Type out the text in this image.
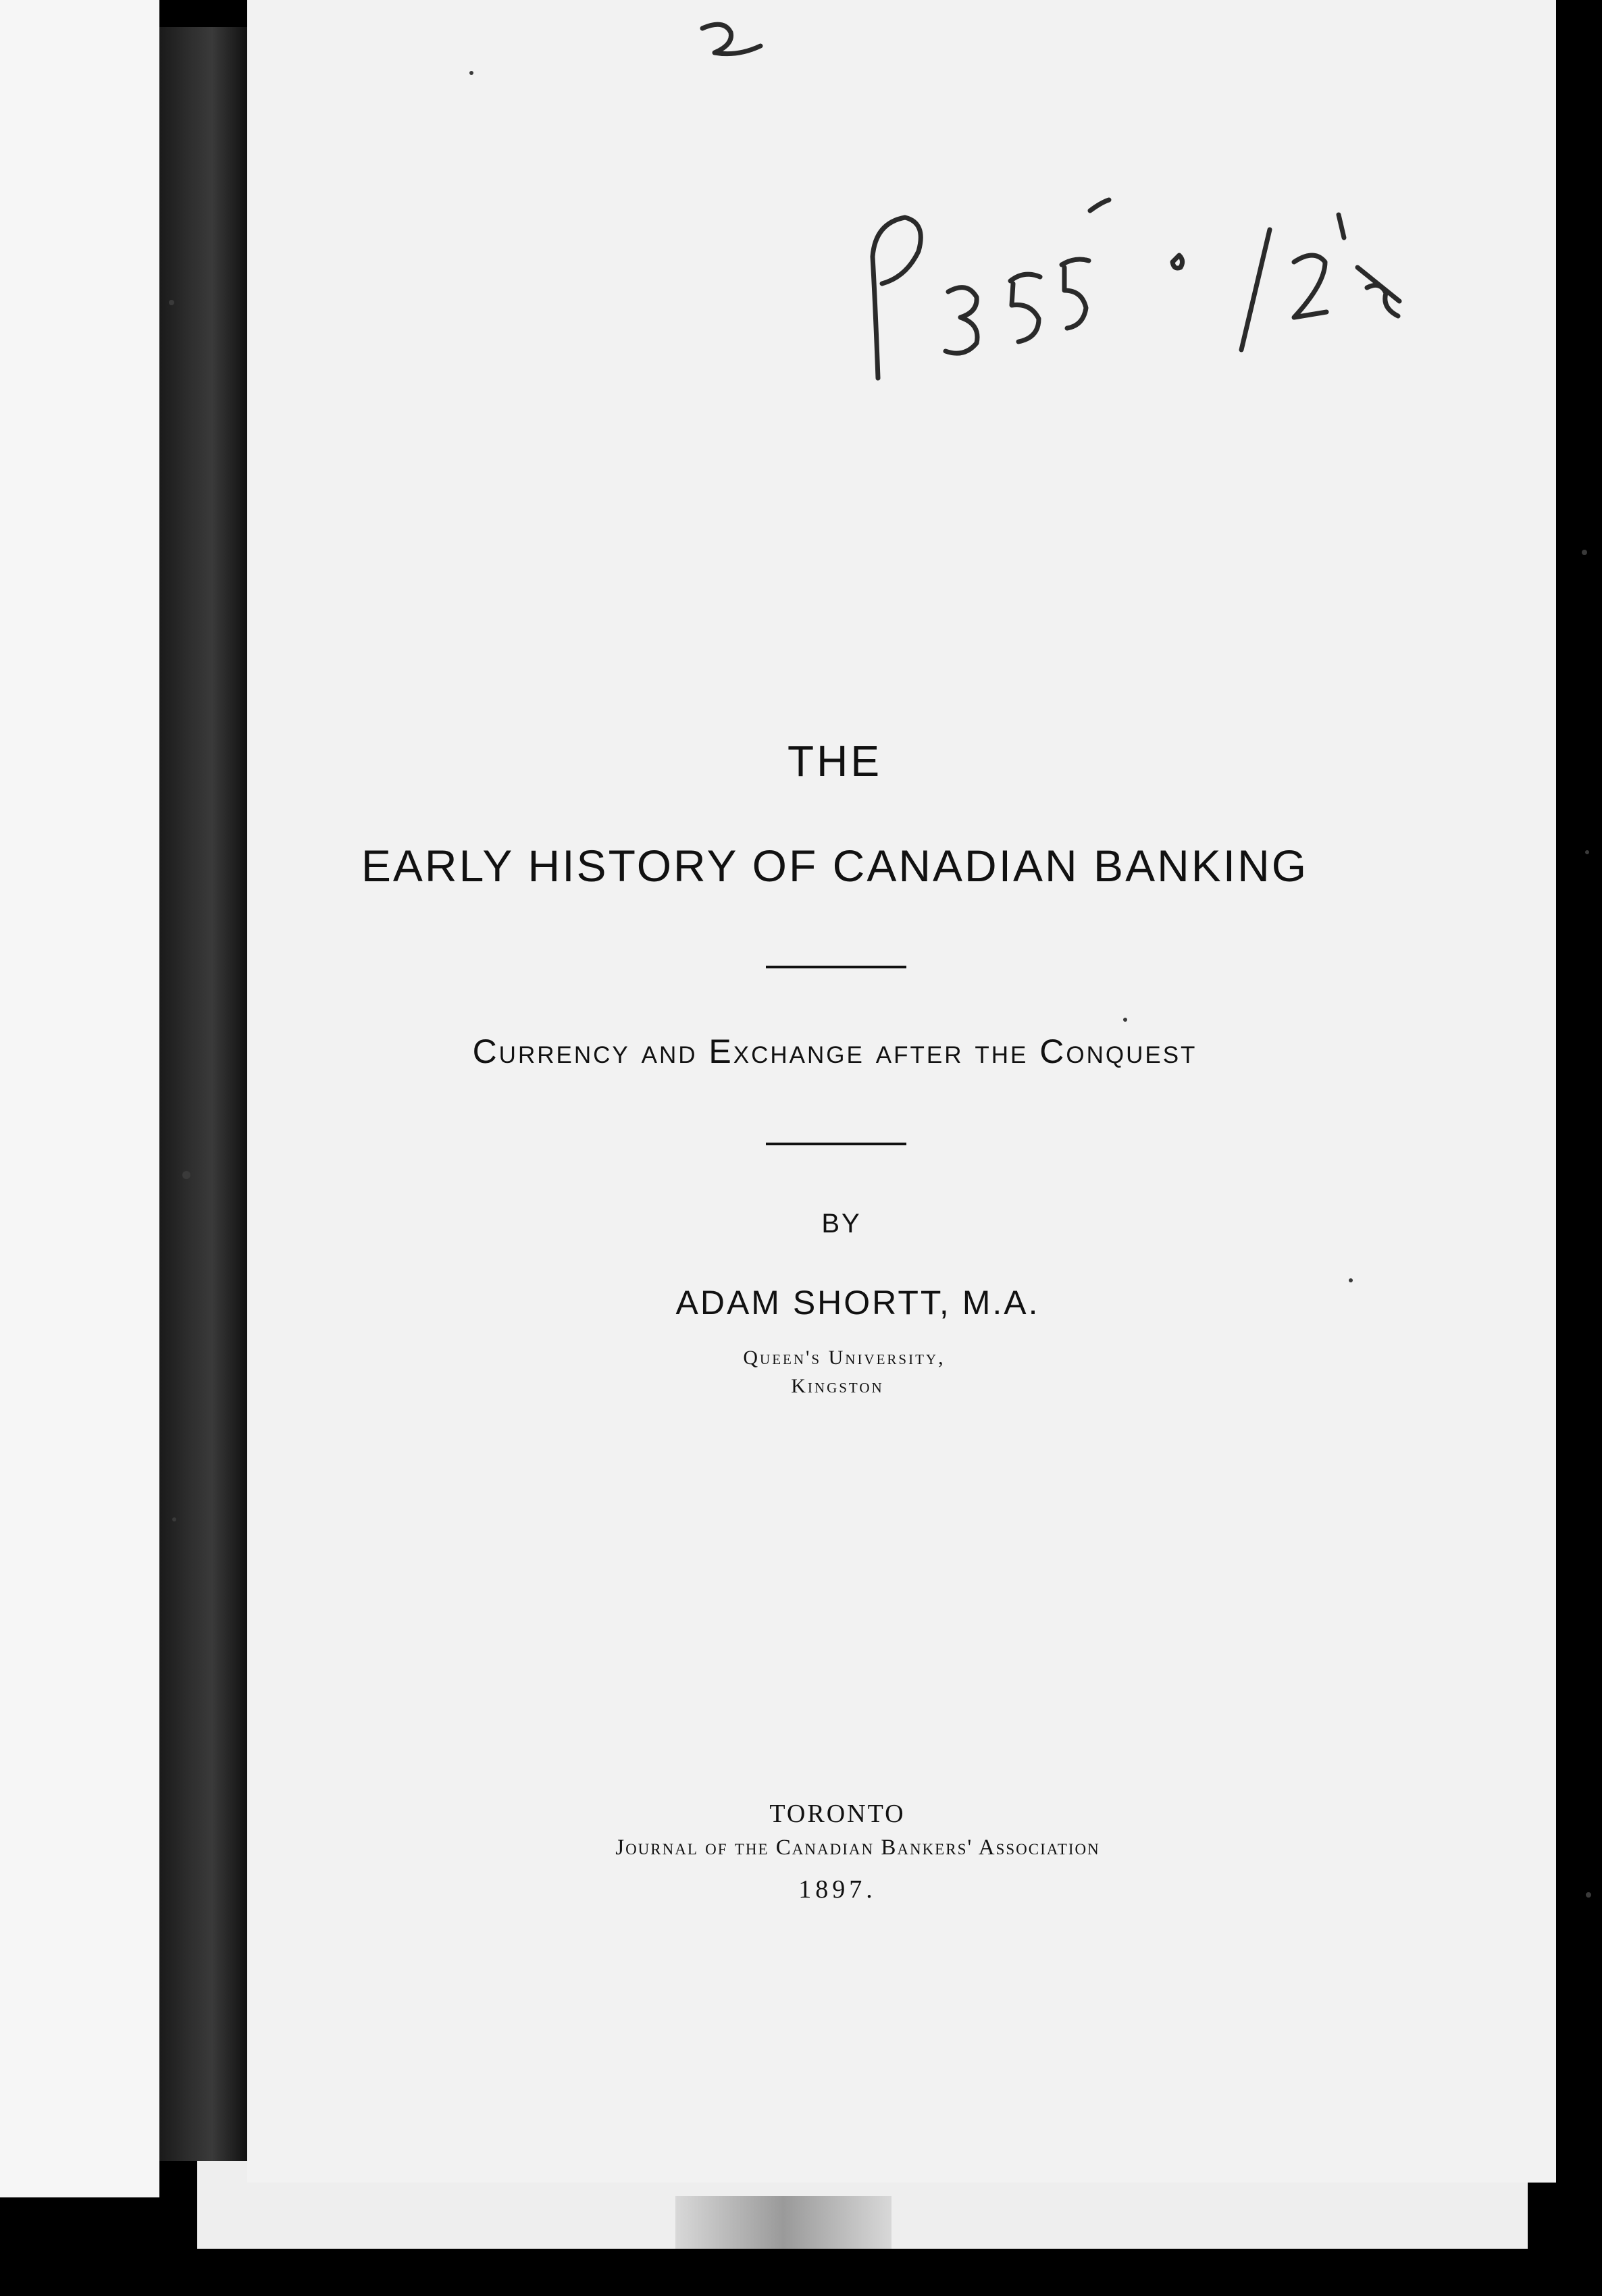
THE
EARLY HISTORY OF CANADIAN BANKING
Currency and Exchange after the Conquest
BY
ADAM SHORTT, M.A.
Queen's University,
Kingston
TORONTO
Journal of the Canadian Bankers' Association
1897.
